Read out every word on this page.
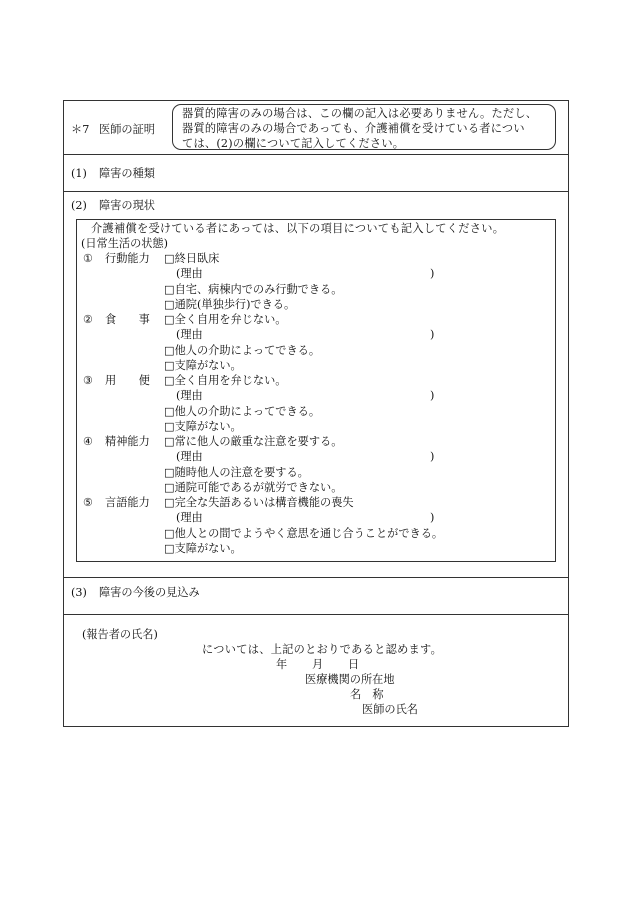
＊7 医師の証明
器質的障害のみの場合は、この欄の記入は必要ありません。ただし、
器質的障害のみの場合であっても、介護補償を受けている者につい
ては、(2)の欄について記入してください。
(1) 障害の種類
(2) 障害の現状
介護補償を受けている者にあっては、以下の項目についても記入してください。
(日常生活の状態)
① 行動能力	□ 終日臥床
(理由	)
□ 自宅、病棟内でのみ行動できる。
□ 通院(単独歩行)できる。
② 食　　事	□ 全く自用を弁じない。
(理由	)
□ 他人の介助によってできる。
□ 支障がない。
③ 用　　便	□ 全く自用を弁じない。
(理由	)
□ 他人の介助によってできる。
□ 支障がない。
④ 精神能力	□ 常に他人の厳重な注意を要する。
(理由	)
□ 随時他人の注意を要する。
□ 通院可能であるが就労できない。
⑤ 言語能力	□ 完全な失語あるいは構音機能の喪失
(理由	)
□ 他人との間でようやく意思を通じ合うことができる。
□ 支障がない。
(3) 障害の今後の見込み
(報告者の氏名)
については、上記のとおりであると認めます。
年 月 日
医療機関の所在地
名　称
医師の氏名
